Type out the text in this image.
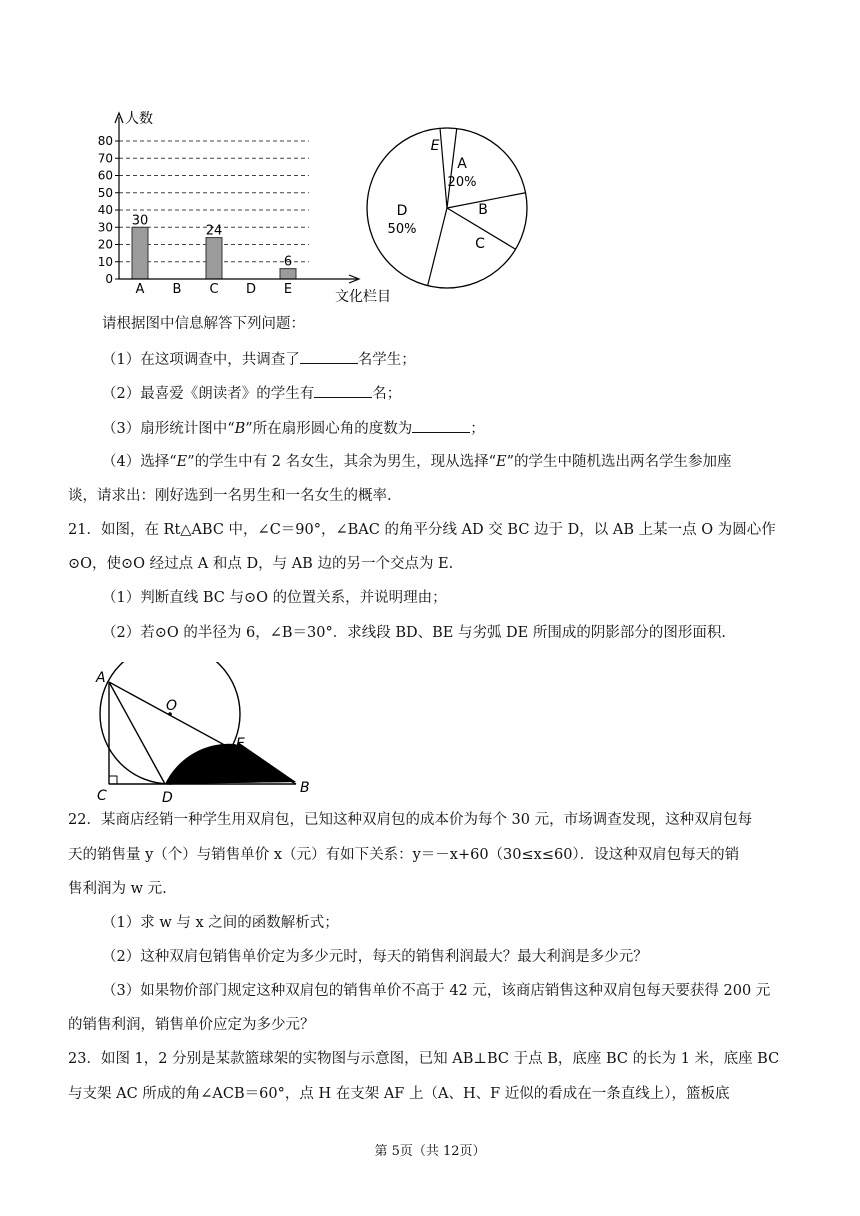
30
24
6
0
10
20
30
40
50
60
70
80
人数
文化栏目
A B C D E
A
20%
B
C
D
50%
E
请根据图中信息解答下列问题：
（1）在这项调查中，共调查了	名学生；
（2）最喜爱《朗读者》的学生有	名；
（3）扇形统计图中“B”所在扇形圆心角的度数为	；
（4）选择“E”的学生中有 2 名女生，其余为男生，现从选择“E”的学生中随机选出两名学生参加座
谈，请求出：刚好选到一名男生和一名女生的概率.
21．如图，在 Rt△ABC 中，∠C＝90°，∠BAC 的角平分线 AD 交 BC 边于 D，以 AB 上某一点 O 为圆心作
⊙O，使⊙O 经过点 A 和点 D，与 AB 边的另一个交点为 E.
（1）判断直线 BC 与⊙O 的位置关系，并说明理由；
（2）若⊙O 的半径为 6，∠B＝30°．求线段 BD、BE 与劣弧 DE 所围成的阴影部分的图形面积.
A
O
E
B
C	D
22．某商店经销一种学生用双肩包，已知这种双肩包的成本价为每个 30 元，市场调查发现，这种双肩包每
天的销售量 y（个）与销售单价 x（元）有如下关系：y＝－x+60（30≤x≤60）．设这种双肩包每天的销
售利润为 w 元.
（1）求 w 与 x 之间的函数解析式；
（2）这种双肩包销售单价定为多少元时，每天的销售利润最大？最大利润是多少元？
（3）如果物价部门规定这种双肩包的销售单价不高于 42 元，该商店销售这种双肩包每天要获得 200 元
的销售利润，销售单价应定为多少元？
23．如图 1，2 分别是某款篮球架的实物图与示意图，已知 AB⊥BC 于点 B，底座 BC 的长为 1 米，底座 BC
与支架 AC 所成的角∠ACB＝60°，点 H 在支架 AF 上（A、H、F 近似的看成在一条直线上），篮板底
第 5页（共 12页）
